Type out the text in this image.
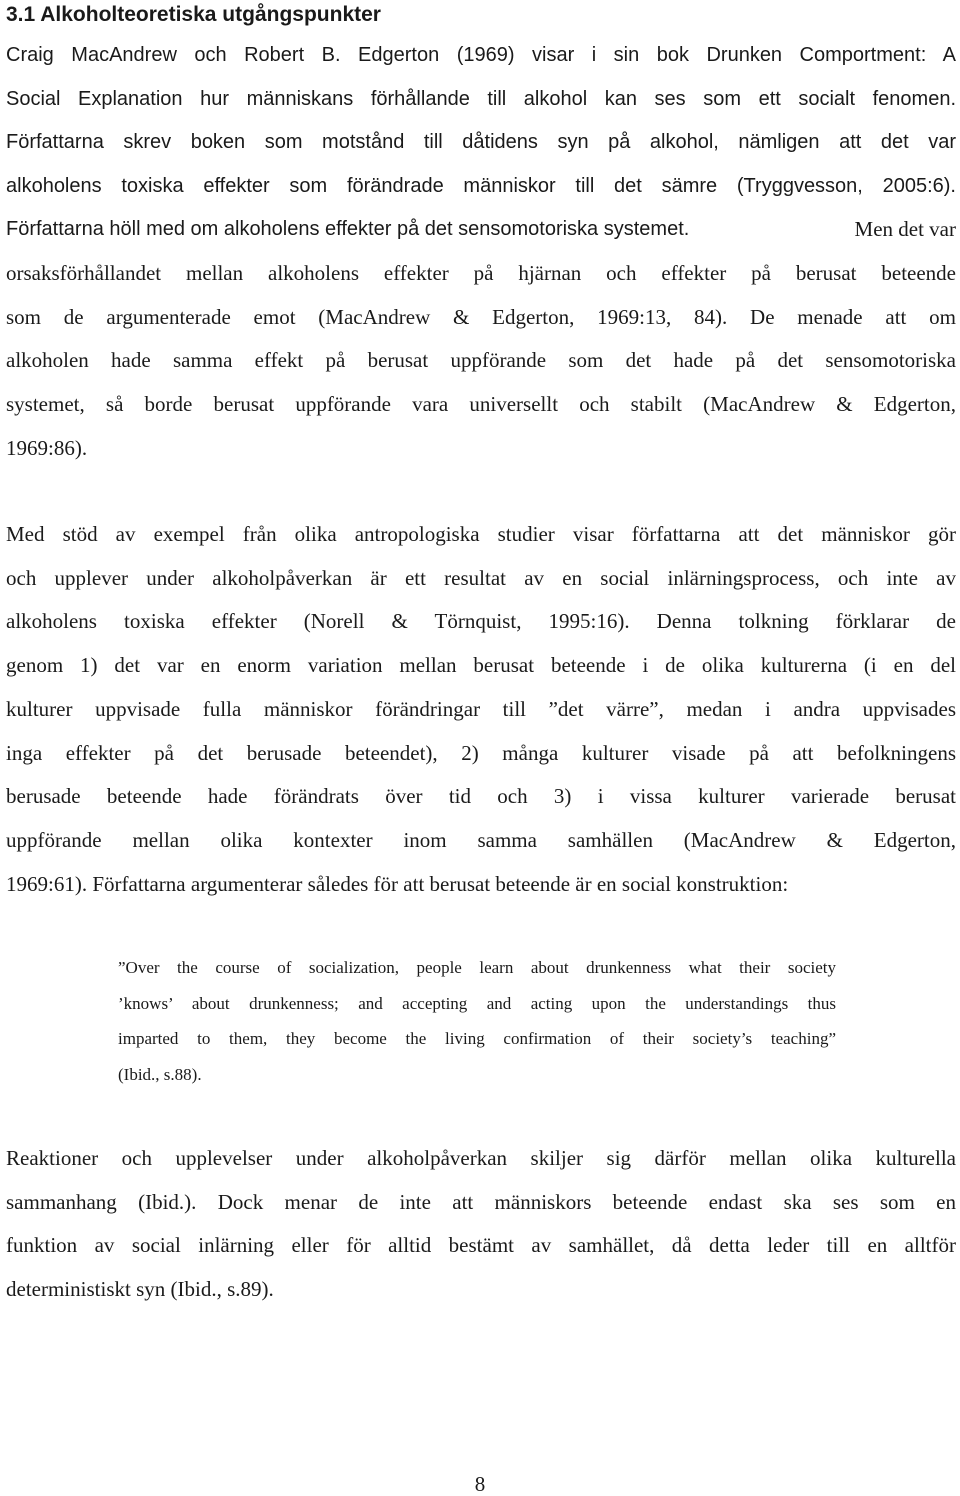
3.1 Alkoholteoretiska utgångspunkter

Craig MacAndrew och Robert B. Edgerton (1969) visar i sin bok Drunken Comportment: A
Social Explanation hur människans förhållande till alkohol kan ses som ett socialt fenomen.
Författarna skrev boken som motstånd till dåtidens syn på alkohol, nämligen att det var
alkoholens toxiska effekter som förändrade människor till det sämre (Tryggvesson, 2005:6).
Författarna höll med om alkoholens effekter på det sensomotoriska systemet.	Men det var

orsaksförhållandet mellan alkoholens effekter på hjärnan och effekter på berusat beteende
som de argumenterade emot (MacAndrew & Edgerton, 1969:13, 84). De menade att om
alkoholen hade samma effekt på berusat uppförande som det hade på det sensomotoriska
systemet, så borde berusat uppförande vara universellt och stabilt (MacAndrew & Edgerton,
1969:86).

Med stöd av exempel från olika antropologiska studier visar författarna att det människor gör
och upplever under alkoholpåverkan är ett resultat av en social inlärningsprocess, och inte av
alkoholens toxiska effekter (Norell & Törnquist, 1995:16). Denna tolkning förklarar de
genom 1) det var en enorm variation mellan berusat beteende i de olika kulturerna (i en del
kulturer uppvisade fulla människor förändringar till ”det värre”, medan i andra uppvisades
inga effekter på det berusade beteendet), 2) många kulturer visade på att befolkningens
berusade beteende hade förändrats över tid och 3) i vissa kulturer varierade berusat
uppförande mellan olika kontexter inom samma samhällen (MacAndrew & Edgerton,
1969:61). Författarna argumenterar således för att berusat beteende är en social konstruktion:

”Over the course of socialization, people learn about drunkenness what their society
’knows’ about drunkenness; and accepting and acting upon the understandings thus
imparted to them, they become the living confirmation of their society’s teaching”
(Ibid., s.88).

Reaktioner och upplevelser under alkoholpåverkan skiljer sig därför mellan olika kulturella
sammanhang (Ibid.). Dock menar de inte att människors beteende endast ska ses som en
funktion av social inlärning eller för alltid bestämt av samhället, då detta leder till en alltför
deterministiskt syn (Ibid., s.89).

8
